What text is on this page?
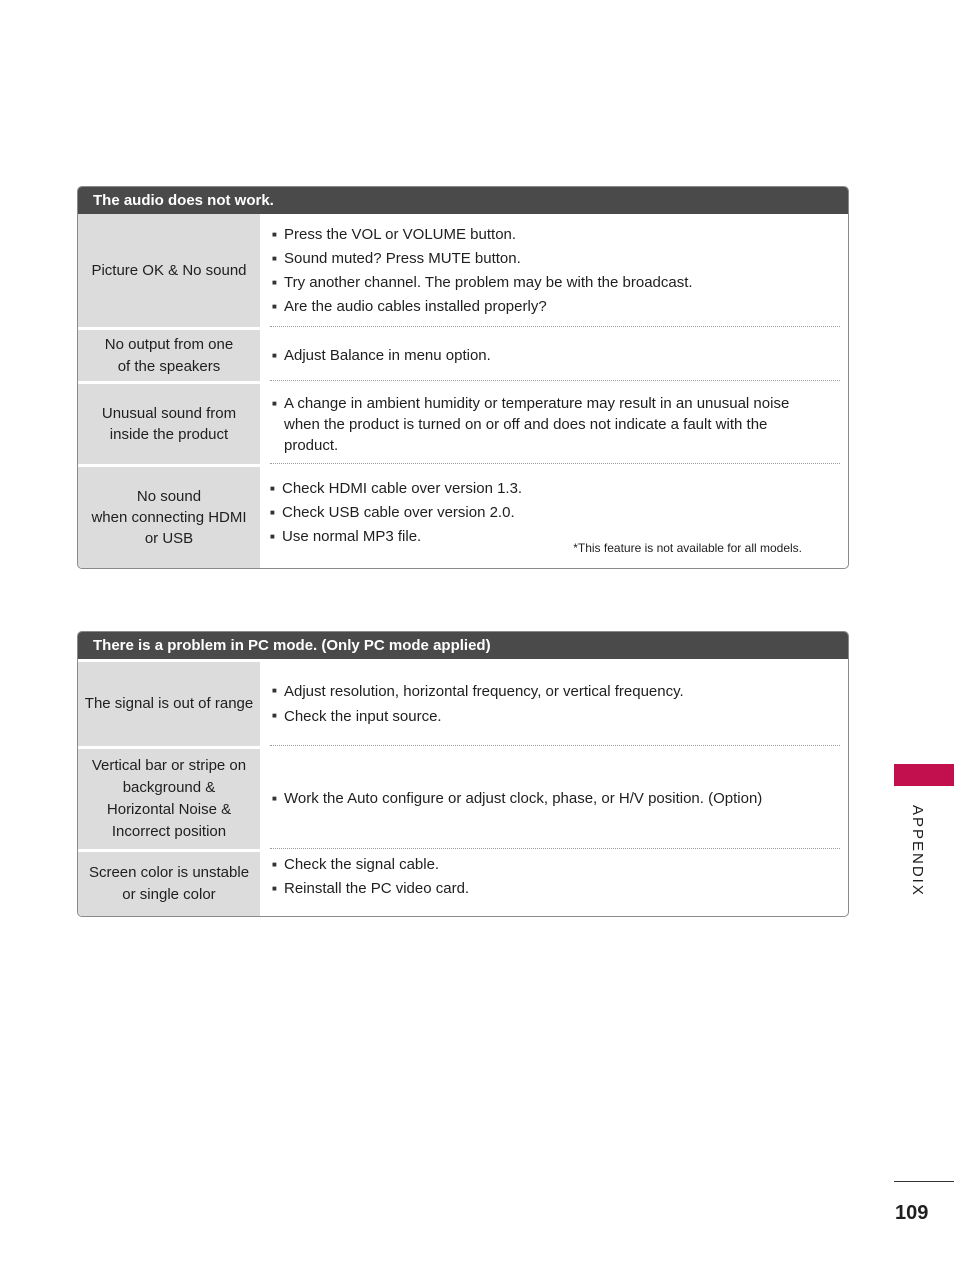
The audio does not work.
Picture OK & No sound
■ Press the VOL or VOLUME button.
■ Sound muted? Press MUTE button.
■ Try another channel. The problem may be with the broadcast.
■ Are the audio cables installed properly?
No output from one
of the speakers
■ Adjust Balance in menu option.
Unusual sound from
inside the product
■ A change in ambient humidity or temperature may result in an unusual noise when the product is turned on or off and does not indicate a fault with the product.
No sound
when connecting HDMI
or USB
■ Check HDMI cable over version 1.3.
■ Check USB cable over version 2.0.
■ Use normal MP3 file.
*This feature is not available for all models.
There is a problem in PC mode. (Only PC mode applied)
The signal is out of range
■ Adjust resolution, horizontal frequency, or vertical frequency.
■ Check the input source.
Vertical bar or stripe on
background &
Horizontal Noise &
Incorrect position
■ Work the Auto configure or adjust clock, phase, or H/V position. (Option)
Screen color is unstable
or single color
■ Check the signal cable.
■ Reinstall the PC video card.	APPENDIX
109
